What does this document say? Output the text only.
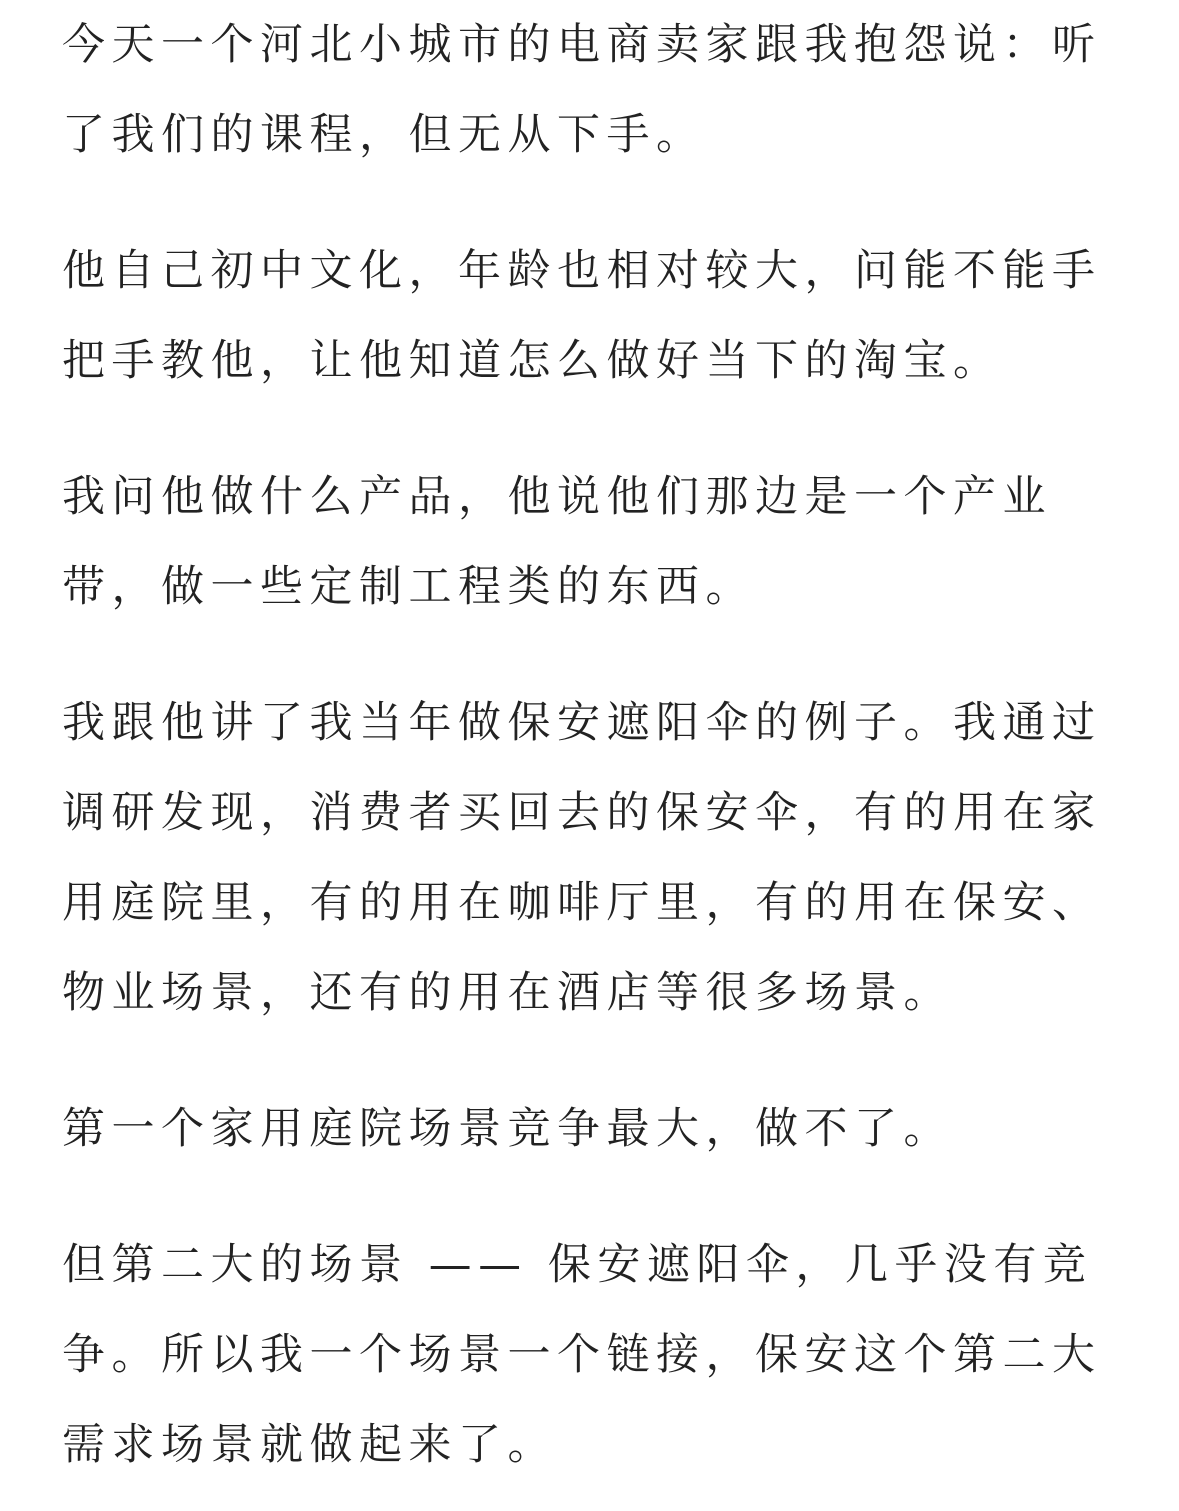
今天一个河北小城市的电商卖家跟我抱怨说：听
了我们的课程，但无从下手。

他自己初中文化，年龄也相对较大，问能不能手
把手教他，让他知道怎么做好当下的淘宝。

我问他做什么产品，他说他们那边是一个产业
带，做一些定制工程类的东西。

我跟他讲了我当年做保安遮阳伞的例子。我通过
调研发现，消费者买回去的保安伞，有的用在家
用庭院里，有的用在咖啡厅里，有的用在保安、
物业场景，还有的用在酒店等很多场景。

第一个家用庭院场景竞争最大，做不了。

但第二大的场景 —— 保安遮阳伞，几乎没有竞
争。所以我一个场景一个链接，保安这个第二大
需求场景就做起来了。
